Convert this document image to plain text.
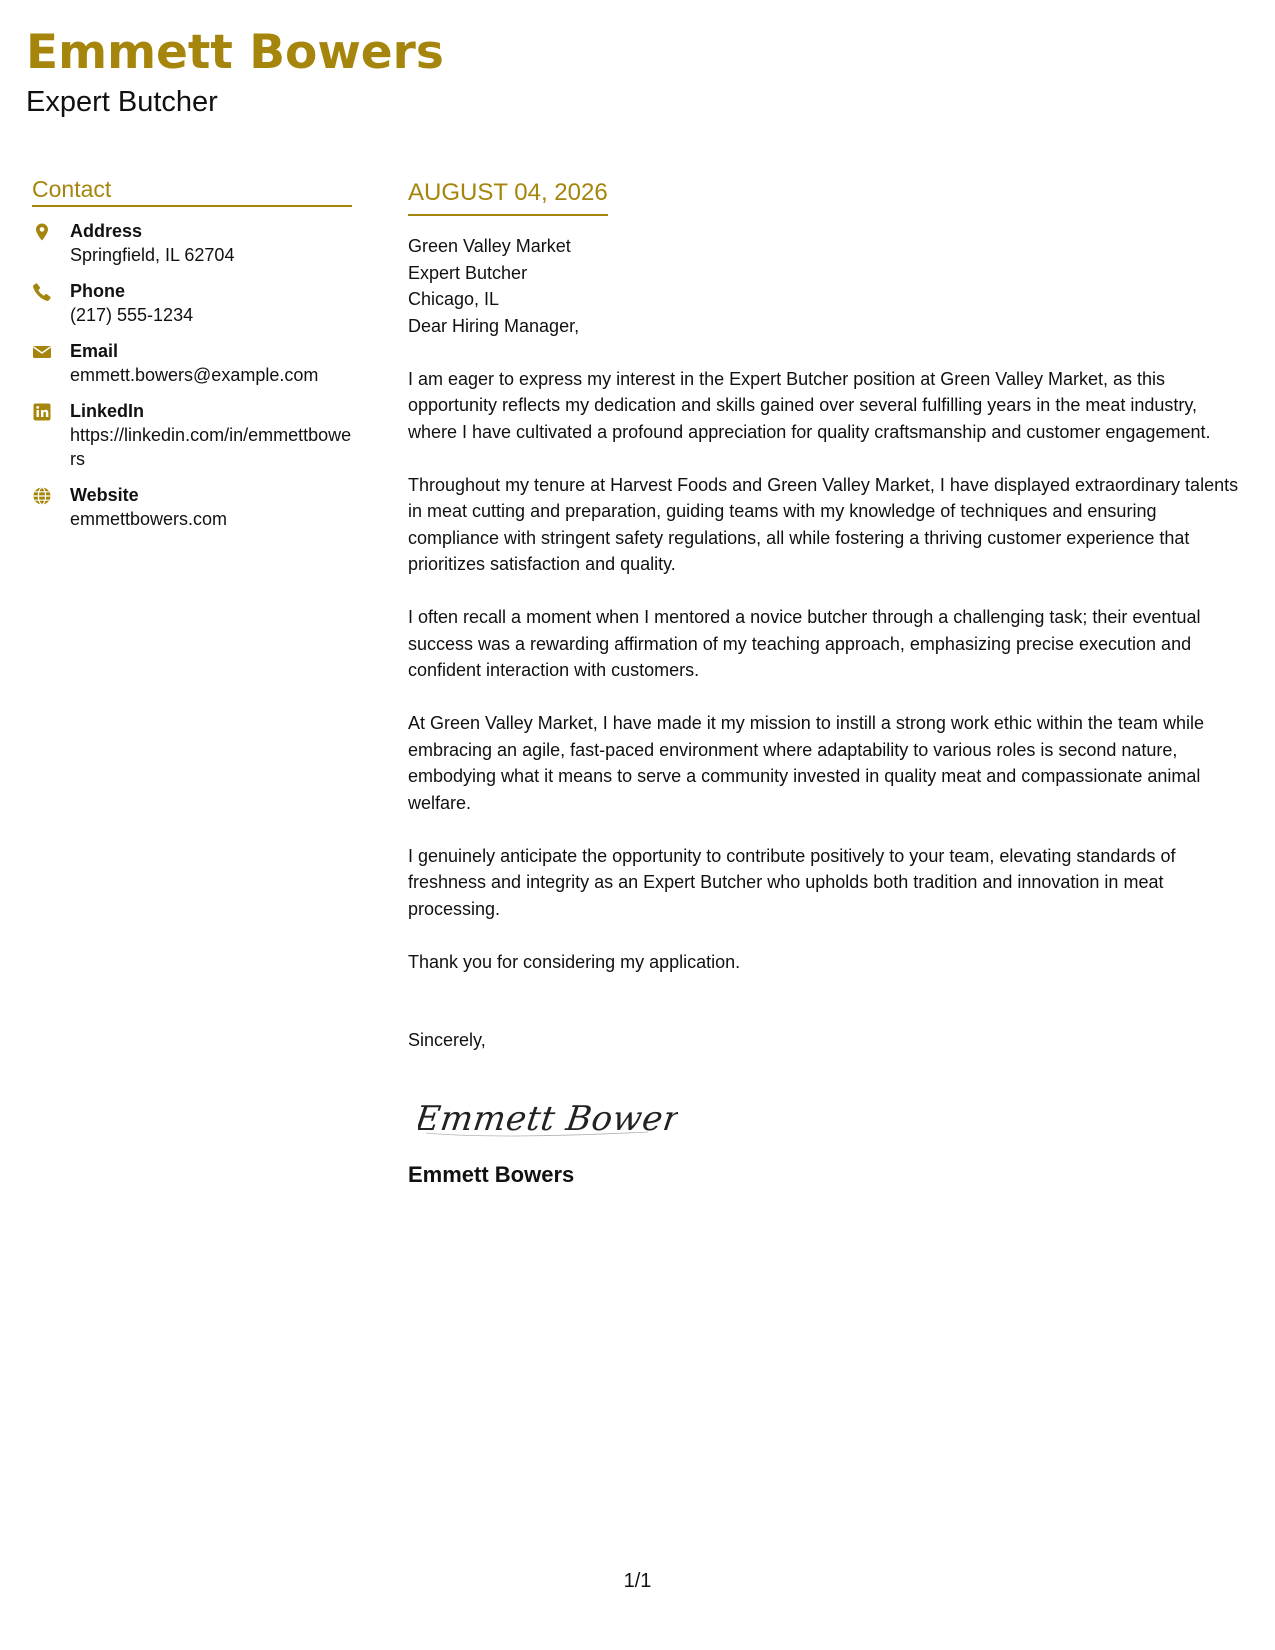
Emmett Bowers
Expert Butcher
Contact
Address
Springfield, IL 62704
Phone
(217) 555-1234
Email
emmett.bowers@example.com
LinkedIn
https://linkedin.com/in/emmettbowers
Website
emmettbowers.com
AUGUST 04, 2026
Green Valley Market
Expert Butcher
Chicago, IL

Dear Hiring Manager,

I am eager to express my interest in the Expert Butcher position at Green Valley Market, as this opportunity reflects my dedication and skills gained over several fulfilling years in the meat industry, where I have cultivated a profound appreciation for quality craftsmanship and customer engagement.

Throughout my tenure at Harvest Foods and Green Valley Market, I have displayed extraordinary talents in meat cutting and preparation, guiding teams with my knowledge of techniques and ensuring compliance with stringent safety regulations, all while fostering a thriving customer experience that prioritizes satisfaction and quality.

I often recall a moment when I mentored a novice butcher through a challenging task; their eventual success was a rewarding affirmation of my teaching approach, emphasizing precise execution and confident interaction with customers.

At Green Valley Market, I have made it my mission to instill a strong work ethic within the team while embracing an agile, fast-paced environment where adaptability to various roles is second nature, embodying what it means to serve a community invested in quality meat and compassionate animal welfare.

I genuinely anticipate the opportunity to contribute positively to your team, elevating standards of freshness and integrity as an Expert Butcher who upholds both tradition and innovation in meat processing.

Thank you for considering my application.

Sincerely,
Emmett Bowers
Emmett Bowers
1/1
